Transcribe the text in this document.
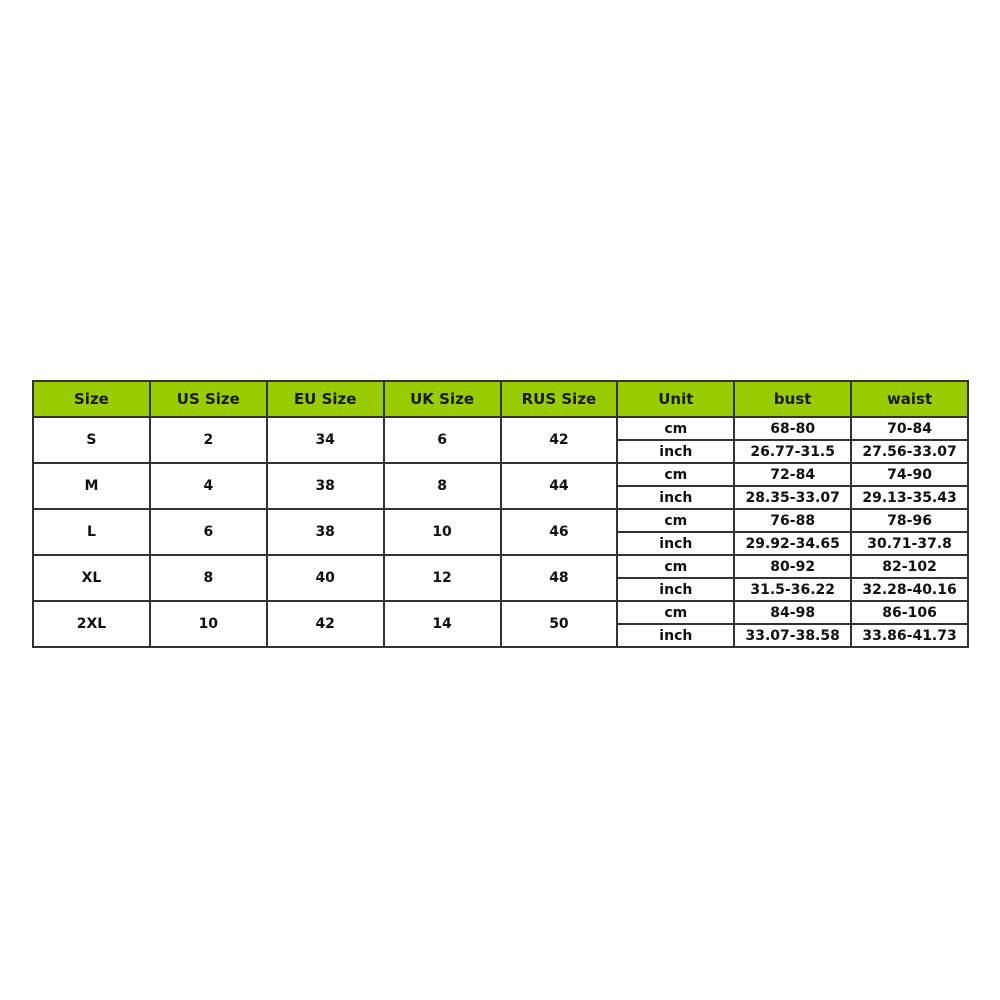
Size	US Size	EU Size	UK Size	RUS Size	Unit	bust	waist
S	2	34	6	42	cm	68-80	70-84
					inch	26.77-31.5	27.56-33.07
M	4	38	8	44	cm	72-84	74-90
					inch	28.35-33.07	29.13-35.43
L	6	38	10	46	cm	76-88	78-96
					inch	29.92-34.65	30.71-37.8
XL	8	40	12	48	cm	80-92	82-102
					inch	31.5-36.22	32.28-40.16
2XL	10	42	14	50	cm	84-98	86-106
					inch	33.07-38.58	33.86-41.73
